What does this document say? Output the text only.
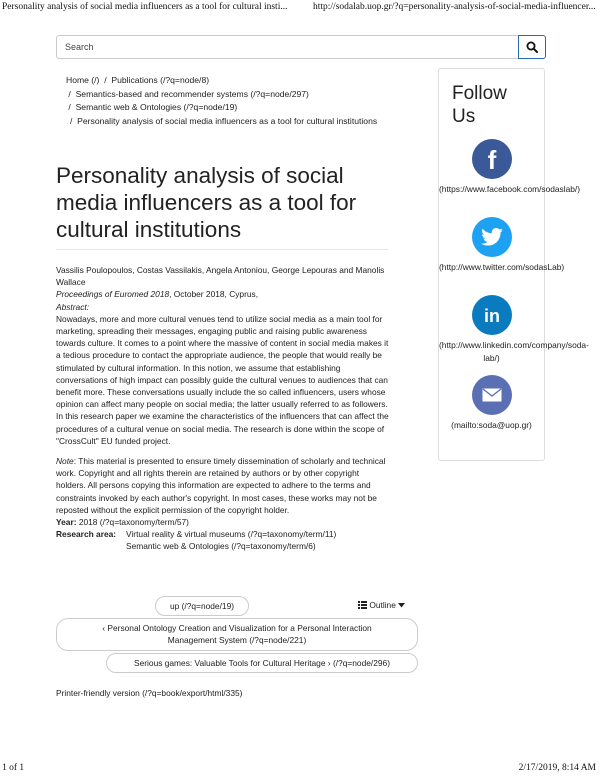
Personality analysis of social media influencers as a tool for cultural insti...	http://sodalab.uop.gr/?q=personality-analysis-of-social-media-influencer...
Search
Home (/) / Publications (/?q=node/8)
/ Semantics-based and recommender systems (/?q=node/297)
/ Semantic web & Ontologies (/?q=node/19)
/ Personality analysis of social media influencers as a tool for cultural institutions
Personality analysis of social media influencers as a tool for cultural institutions

Vassilis Poulopoulos, Costas Vassilakis, Angela Antoniou, George Lepouras and Manolis Wallace

Proceedings of Euromed 2018, October 2018, Cyprus,

Abstract:

Nowadays, more and more cultural venues tend to utilize social media as a main tool for marketing, spreading their messages, engaging public and raising public awareness towards culture. It comes to a point where the massive of content in social media makes it a tedious procedure to contact the appropriate audience, the people that would really be stimulated by cultural information. In this notion, we assume that establishing conversations of high impact can possibly guide the cultural venues to audiences that can benefit more. These conversations usually include the so called influencers, users whose opinion can affect many people on social media; the latter usually referred to as followers. In this research paper we examine the characteristics of the influencers that can affect the procedures of a cultural venue on social media. The research is done within the scope of "CrossCult" EU funded project.

Note: This material is presented to ensure timely dissemination of scholarly and technical work. Copyright and all rights therein are retained by authors or by other copyright holders. All persons copying this information are expected to adhere to the terms and constraints invoked by each author's copyright. In most cases, these works may not be reposted without the explicit permission of the copyright holder.

Year: 2018 (/?q=taxonomy/term/57)

Research area:	Virtual reality & virtual museums (/?q=taxonomy/term/11)
Semantic web & Ontologies (/?q=taxonomy/term/6)
up (/?q=node/19)	Outline
‹ Personal Ontology Creation and Visualization for a Personal Interaction Management System (/?q=node/221)
Serious games: Valuable Tools for Cultural Heritage › (/?q=node/296)
Printer-friendly version (/?q=book/export/html/335)
Follow Us
f
(https://www.facebook.com/sodaslab/)
(http://www.twitter.com/sodasLab)
in
(http://www.linkedin.com/company/soda-lab/)
(mailto:soda@uop.gr)
1 of 1	2/17/2019, 8:14 AM
